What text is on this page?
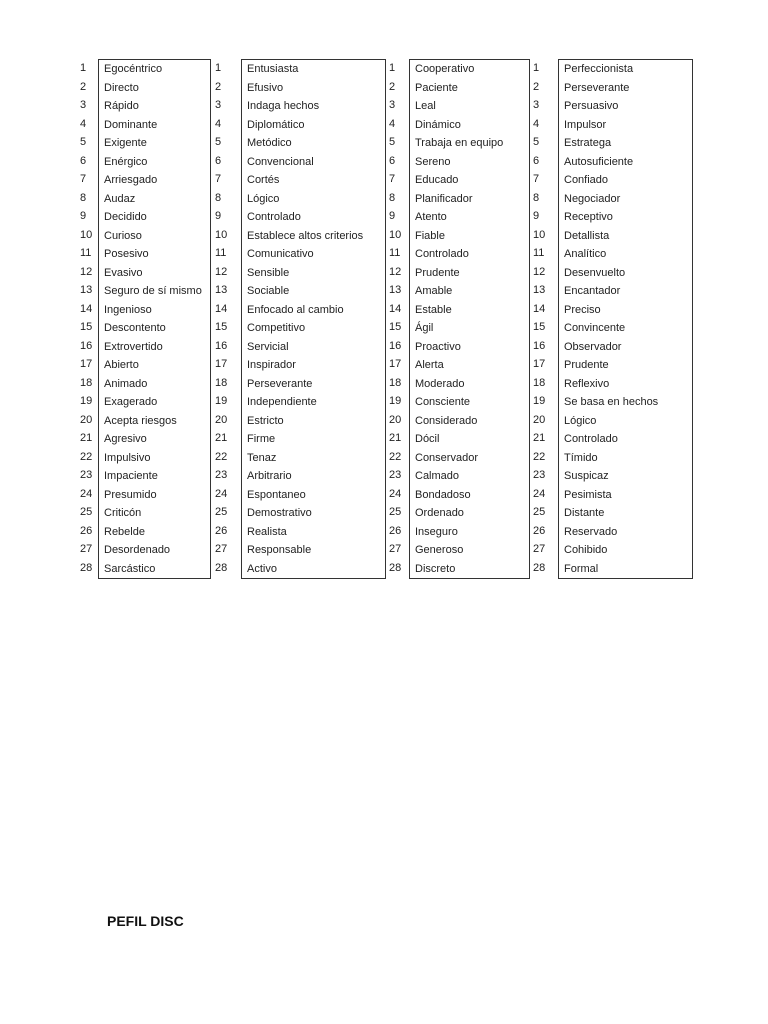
1
2
3
4
5
6
7
8
9
10
11
12
13
14
15
16
17
18
19
20
21
22
23
24
25
26
27
28
Egocéntrico
Directo
Rápido
Dominante
Exigente
Enérgico
Arriesgado
Audaz
Decidido
Curioso
Posesivo
Evasivo
Seguro de sí mismo
Ingenioso
Descontento
Extrovertido
Abierto
Animado
Exagerado
Acepta riesgos
Agresivo
Impulsivo
Impaciente
Presumido
Criticón
Rebelde
Desordenado
Sarcástico
1
2
3
4
5
6
7
8
9
10
11
12
13
14
15
16
17
18
19
20
21
22
23
24
25
26
27
28
Entusiasta
Efusivo
Indaga hechos
Diplomático
Metódico
Convencional
Cortés
Lógico
Controlado
Establece altos criterios
Comunicativo
Sensible
Sociable
Enfocado al cambio
Competitivo
Servicial
Inspirador
Perseverante
Independiente
Estricto
Firme
Tenaz
Arbitrario
Espontaneo
Demostrativo
Realista
Responsable
Activo
1
2
3
4
5
6
7
8
9
10
11
12
13
14
15
16
17
18
19
20
21
22
23
24
25
26
27
28
Cooperativo
Paciente
Leal
Dinámico
Trabaja en equipo
Sereno
Educado
Planificador
Atento
Fiable
Controlado
Prudente
Amable
Estable
Ágil
Proactivo
Alerta
Moderado
Consciente
Considerado
Dócil
Conservador
Calmado
Bondadoso
Ordenado
Inseguro
Generoso
Discreto
1
2
3
4
5
6
7
8
9
10
11
12
13
14
15
16
17
18
19
20
21
22
23
24
25
26
27
28
Perfeccionista
Perseverante
Persuasivo
Impulsor
Estratega
Autosuficiente
Confiado
Negociador
Receptivo
Detallista
Analítico
Desenvuelto
Encantador
Preciso
Convincente
Observador
Prudente
Reflexivo
Se basa en hechos
Lógico
Controlado
Tímido
Suspicaz
Pesimista
Distante
Reservado
Cohibido
Formal
PEFIL DISC
